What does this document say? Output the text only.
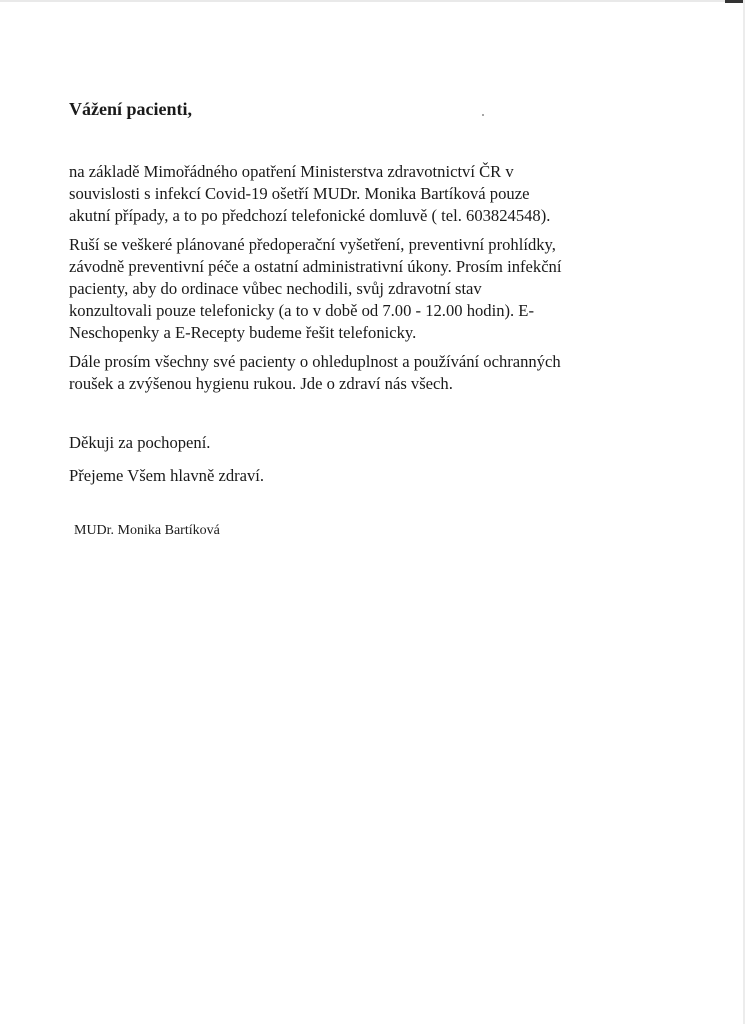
Vážení pacienti,
na základě Mimořádného opatření Ministerstva zdravotnictví ČR v
souvislosti s infekcí Covid-19 ošetří MUDr. Monika Bartíková pouze
akutní případy, a to po předchozí telefonické domluvě ( tel. 603824548).
Ruší se veškeré plánované předoperační vyšetření, preventivní prohlídky,
závodně preventivní péče a ostatní administrativní úkony. Prosím infekční
pacienty, aby do ordinace vůbec nechodili, svůj zdravotní stav
konzultovali pouze telefonicky (a to v době od 7.00 - 12.00 hodin). E-
Neschopenky a E-Recepty budeme řešit telefonicky.
Dále prosím všechny své pacienty o ohleduplnost a používání ochranných
roušek a zvýšenou hygienu rukou. Jde o zdraví nás všech.
Děkuji za pochopení.
Přejeme Všem hlavně zdraví.
MUDr. Monika Bartíková
